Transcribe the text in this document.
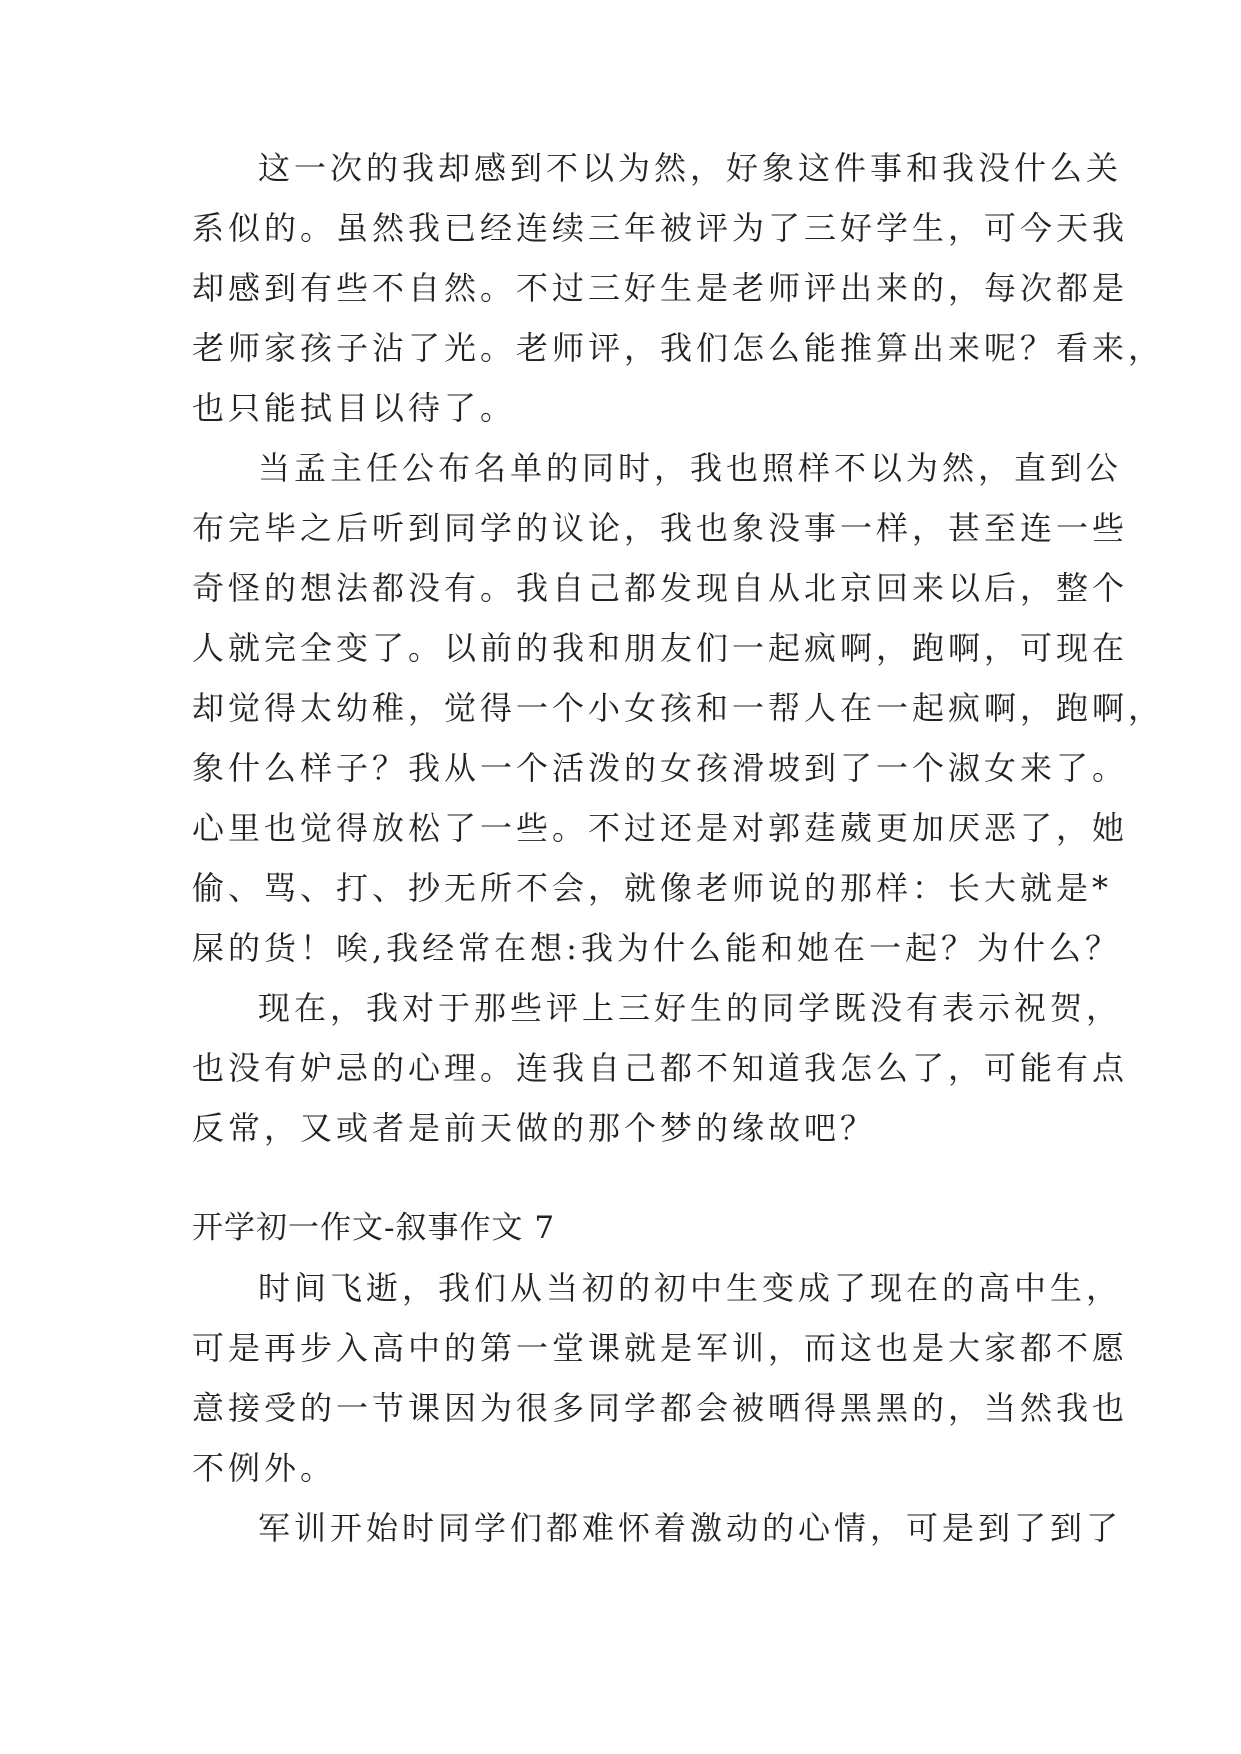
这一次的我却感到不以为然，好象这件事和我没什么关
系似的。虽然我已经连续三年被评为了三好学生，可今天我
却感到有些不自然。不过三好生是老师评出来的，每次都是
老师家孩子沾了光。老师评，我们怎么能推算出来呢？看来，
也只能拭目以待了。
当孟主任公布名单的同时，我也照样不以为然，直到公
布完毕之后听到同学的议论，我也象没事一样，甚至连一些
奇怪的想法都没有。我自己都发现自从北京回来以后，整个
人就完全变了。以前的我和朋友们一起疯啊，跑啊，可现在
却觉得太幼稚，觉得一个小女孩和一帮人在一起疯啊，跑啊，
象什么样子？我从一个活泼的女孩滑坡到了一个淑女来了。
心里也觉得放松了一些。不过还是对郭莛葳更加厌恶了，她
偷、骂、打、抄无所不会，就像老师说的那样：长大就是*
屎的货！唉,我经常在想:我为什么能和她在一起？为什么？
现在，我对于那些评上三好生的同学既没有表示祝贺，
也没有妒忌的心理。连我自己都不知道我怎么了，可能有点
反常，又或者是前天做的那个梦的缘故吧？
开学初一作文-叙事作文 7
时间飞逝，我们从当初的初中生变成了现在的高中生，
可是再步入高中的第一堂课就是军训，而这也是大家都不愿
意接受的一节课因为很多同学都会被晒得黑黑的，当然我也
不例外。
军训开始时同学们都难怀着激动的心情，可是到了到了
